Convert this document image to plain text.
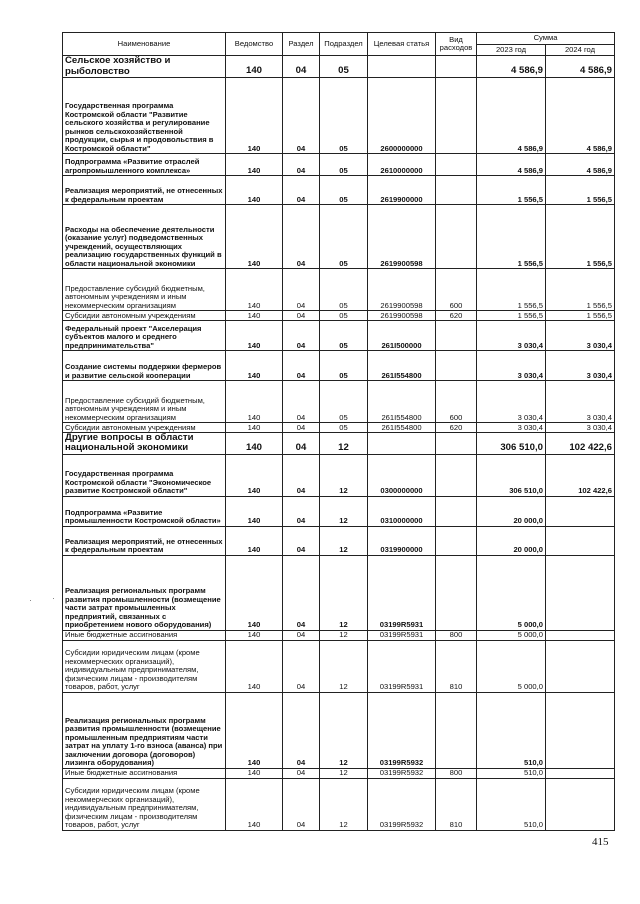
Наименование	Ведомство	Раздел	Подраздел	Целевая статья	Вид расходов	Сумма	
						2023 год	2024 год
Сельское хозяйство и рыболовство	140	04	05			4 586,9	4 586,9
Государственная программа Костромской области "Развитие сельского хозяйства и регулирование рынков сельскохозяйственной продукции, сырья и продовольствия в Костромской области"	140	04	05	2600000000		4 586,9	4 586,9
Подпрограмма «Развитие отраслей агропромышленного комплекса»	140	04	05	2610000000		4 586,9	4 586,9
Реализация мероприятий, не отнесенных к федеральным проектам	140	04	05	2619900000		1 556,5	1 556,5
Расходы на обеспечение деятельности (оказание услуг) подведомственных учреждений, осуществляющих реализацию государственных функций в области национальной экономики	140	04	05	2619900598		1 556,5	1 556,5
Предоставление субсидий бюджетным, автономным учреждениям и иным некоммерческим организациям	140	04	05	2619900598	600	1 556,5	1 556,5
Субсидии автономным учреждениям	140	04	05	2619900598	620	1 556,5	1 556,5
Федеральный проект "Акселерация субъектов малого и среднего предпринимательства"	140	04	05	261I500000		3 030,4	3 030,4
Создание системы поддержки фермеров и развитие сельской кооперации	140	04	05	261I554800		3 030,4	3 030,4
Предоставление субсидий бюджетным, автономным учреждениям и иным некоммерческим организациям	140	04	05	261I554800	600	3 030,4	3 030,4
Субсидии автономным учреждениям	140	04	05	261I554800	620	3 030,4	3 030,4
Другие вопросы в области национальной экономики	140	04	12			306 510,0	102 422,6
Государственная программа Костромской области "Экономическое развитие Костромской области"	140	04	12	0300000000		306 510,0	102 422,6
Подпрограмма «Развитие промышленности Костромской области»	140	04	12	0310000000		20 000,0	
Реализация мероприятий, не отнесенных к федеральным проектам	140	04	12	0319900000		20 000,0	
Реализация региональных программ развития промышленности (возмещение части затрат промышленных предприятий, связанных с приобретением нового оборудования)	140	04	12	03199R5931		5 000,0	
Иные бюджетные ассигнования	140	04	12	03199R5931	800	5 000,0	
Субсидии юридическим лицам (кроме некоммерческих организаций), индивидуальным предпринимателям, физическим лицам - производителям товаров, работ, услуг	140	04	12	03199R5931	810	5 000,0	
Реализация региональных программ развития промышленности (возмещение промышленным предприятиям части затрат на уплату 1-го взноса (аванса) при заключении договора (договоров) лизинга оборудования)	140	04	12	03199R5932		510,0	
Иные бюджетные ассигнования	140	04	12	03199R5932	800	510,0	
Субсидии юридическим лицам (кроме некоммерческих организаций), индивидуальным предпринимателям, физическим лицам - производителям товаров, работ, услуг	140	04	12	03199R5932	810	510,0	
415
